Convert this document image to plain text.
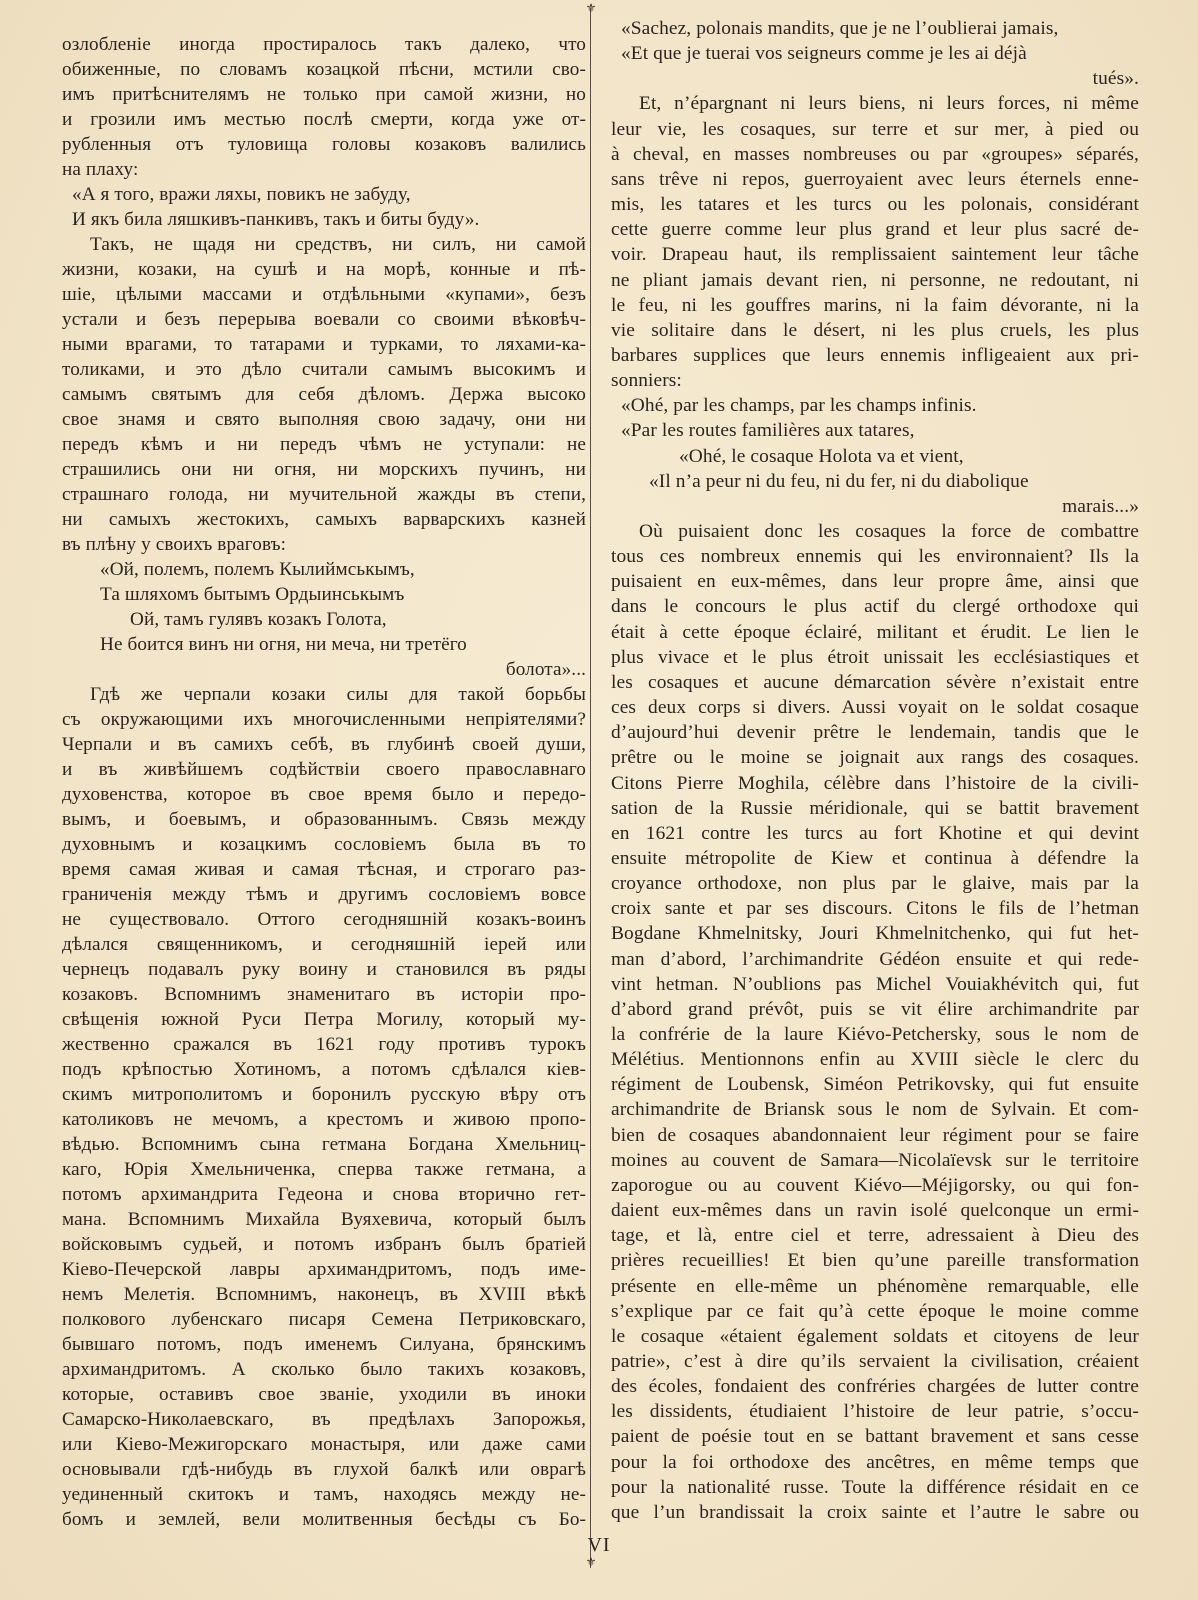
озлобленіе иногда простиралось такъ далеко, что
обиженные, по словамъ козацкой пѣсни, мстили сво-
имъ притѣснителямъ не только при самой жизни, но
и грозили имъ местью послѣ смерти, когда уже от-
рубленныя отъ туловища головы козаковъ валились
на плаху:
«А я того, вражи ляхы, повикъ не забуду,
И якъ била ляшкивъ-панкивъ, такъ и биты буду».
Такъ, не щадя ни средствъ, ни силъ, ни самой
жизни, козаки, на сушѣ и на морѣ, конные и пѣ-
шіе, цѣлыми массами и отдѣльными «купами», безъ
устали и безъ перерыва воевали со своими вѣковѣч-
ными врагами, то татарами и турками, то ляхами-ка-
толиками, и это дѣло считали самымъ высокимъ и
самымъ святымъ для себя дѣломъ. Держа высоко
свое знамя и свято выполняя свою задачу, они ни
передъ кѣмъ и ни передъ чѣмъ не уступали: не
страшились они ни огня, ни морскихъ пучинъ, ни
страшнаго голода, ни мучительной жажды въ степи,
ни самыхъ жестокихъ, самыхъ варварскихъ казней
въ плѣну у своихъ враговъ:
«Ой, полемъ, полемъ Кылиймськымъ,
Та шляхомъ бытымъ Ордыинськымъ
Ой, тамъ гулявъ козакъ Голота,
Не боится винъ ни огня, ни меча, ни третёго
болота»...
Гдѣ же черпали козаки силы для такой борьбы
съ окружающими ихъ многочисленными непріятелями?
Черпали и въ самихъ себѣ, въ глубинѣ своей души,
и въ живѣйшемъ содѣйствіи своего православнаго
духовенства, которое въ свое время было и передо-
вымъ, и боевымъ, и образованнымъ. Связь между
духовнымъ и козацкимъ сословіемъ была въ то
время самая живая и самая тѣсная, и строгаго раз-
граниченія между тѣмъ и другимъ сословіемъ вовсе
не существовало. Оттого сегодняшній козакъ-воинъ
дѣлался священникомъ, и сегодняшній іерей или
чернецъ подавалъ руку воину и становился въ ряды
козаковъ. Вспомнимъ знаменитаго въ исторіи про-
свѣщенія южной Руси Петра Могилу, который му-
жественно сражался въ 1621 году противъ турокъ
подъ крѣпостью Хотиномъ, а потомъ сдѣлался кіев-
скимъ митрополитомъ и боронилъ русскую вѣру отъ
католиковъ не мечомъ, а крестомъ и живою пропо-
вѣдью. Вспомнимъ сына гетмана Богдана Хмельниц-
каго, Юрія Хмельниченка, сперва также гетмана, а
потомъ архимандрита Гедеона и снова вторично гет-
мана. Вспомнимъ Михайла Вуяхевича, который былъ
войсковымъ судьей, и потомъ избранъ былъ братіей
Кіево-Печерской лавры архимандритомъ, подъ име-
немъ Мелетія. Вспомнимъ, наконецъ, въ XVIII вѣкѣ
полкового лубенскаго писаря Семена Петриковскаго,
бывшаго потомъ, подъ именемъ Силуана, брянскимъ
архимандритомъ. А сколько было такихъ козаковъ,
которые, оставивъ свое званіе, уходили въ иноки
Самарско-Николаевскаго, въ предѣлахъ Запорожья,
или Кіево-Межигорскаго монастыря, или даже сами
основывали гдѣ-нибудь въ глухой балкѣ или оврагѣ
уединенный скитокъ и тамъ, находясь между не-
бомъ и землей, вели молитвенныя бесѣды съ Бо-
⚜
⚜
«Sachez, polonais mandits, que je ne l’oublierai jamais,
«Et que je tuerai vos seigneurs comme je les ai déjà
tués».
Et, n’épargnant ni leurs biens, ni leurs forces, ni même
leur vie, les cosaques, sur terre et sur mer, à pied ou
à cheval, en masses nombreuses ou par «groupes» séparés,
sans trêve ni repos, guerroyaient avec leurs éternels enne-
mis, les tatares et les turcs ou les polonais, considérant
cette guerre comme leur plus grand et leur plus sacré de-
voir. Drapeau haut, ils remplissaient saintement leur tâche
ne pliant jamais devant rien, ni personne, ne redoutant, ni
le feu, ni les gouffres marins, ni la faim dévorante, ni la
vie solitaire dans le désert, ni les plus cruels, les plus
barbares supplices que leurs ennemis infligeaient aux pri-
sonniers:
«Ohé, par les champs, par les champs infinis.
«Par les routes familières aux tatares,
«Ohé, le cosaque Holota va et vient,
«Il n’a peur ni du feu, ni du fer, ni du diabolique
marais...»
Où puisaient donc les cosaques la force de combattre
tous ces nombreux ennemis qui les environnaient? Ils la
puisaient en eux-mêmes, dans leur propre âme, ainsi que
dans le concours le plus actif du clergé orthodoxe qui
était à cette époque éclairé, militant et érudit. Le lien le
plus vivace et le plus étroit unissait les ecclésiastiques et
les cosaques et aucune démarcation sévère n’existait entre
ces deux corps si divers. Aussi voyait on le soldat cosaque
d’aujourd’hui devenir prêtre le lendemain, tandis que le
prêtre ou le moine se joignait aux rangs des cosaques.
Citons Pierre Moghila, célèbre dans l’histoire de la civili-
sation de la Russie méridionale, qui se battit bravement
en 1621 contre les turcs au fort Khotine et qui devint
ensuite métropolite de Kiew et continua à défendre la
croyance orthodoxe, non plus par le glaive, mais par la
croix sante et par ses discours. Citons le fils de l’hetman
Bogdane Khmelnitsky, Jouri Khmelnitchenko, qui fut het-
man d’abord, l’archimandrite Gédéon ensuite et qui rede-
vint hetman. N’oublions pas Michel Vouiakhévitch qui, fut
d’abord grand prévôt, puis se vit élire archimandrite par
la confrérie de la laure Kiévo-Petchersky, sous le nom de
Mélétius. Mentionnons enfin au XVIII siècle le clerc du
régiment de Loubensk, Siméon Petrikovsky, qui fut ensuite
archimandrite de Briansk sous le nom de Sylvain. Et com-
bien de cosaques abandonnaient leur régiment pour se faire
moines au couvent de Samara—Nicolaïevsk sur le territoire
zaporogue ou au couvent Kiévo—Méjigorsky, ou qui fon-
daient eux-mêmes dans un ravin isolé quelconque un ermi-
tage, et là, entre ciel et terre, adressaient à Dieu des
prières recueillies! Et bien qu’une pareille transformation
présente en elle-même un phénomène remarquable, elle
s’explique par ce fait qu’à cette époque le moine comme
le cosaque «étaient également soldats et citoyens de leur
patrie», c’est à dire qu’ils servaient la civilisation, créaient
des écoles, fondaient des confréries chargées de lutter contre
les dissidents, étudiaient l’histoire de leur patrie, s’occu-
paient de poésie tout en se battant bravement et sans cesse
pour la foi orthodoxe des ancêtres, en même temps que
pour la nationalité russe. Toute la différence résidait en ce
que l’un brandissait la croix sainte et l’autre le sabre ou
VI
